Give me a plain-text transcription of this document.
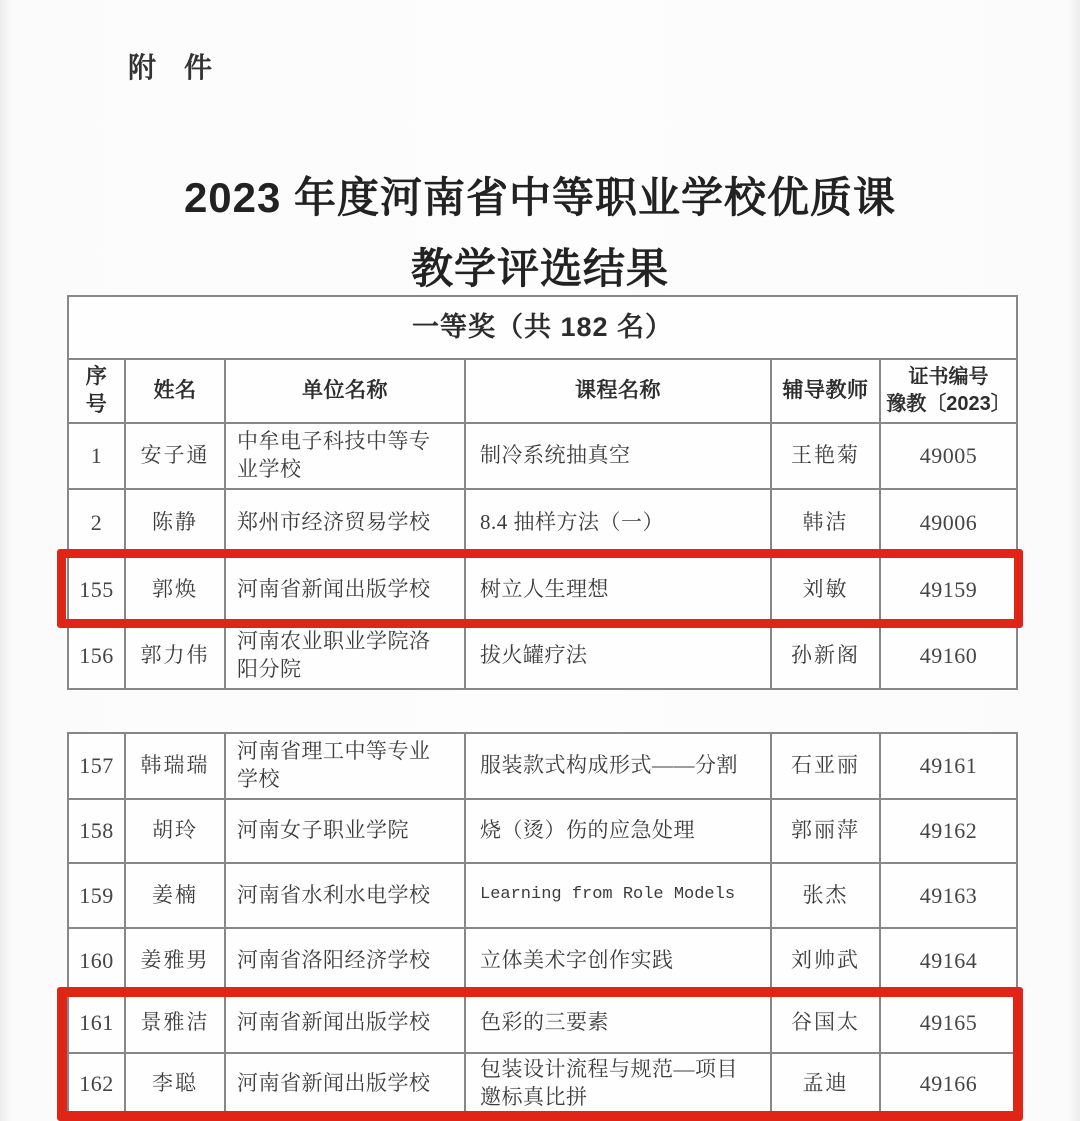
附　件
2023 年度河南省中等职业学校优质课
教学评选结果
一等奖（共 182 名）					
序号	姓名	单位名称	课程名称	辅导教师	证书编号
豫教〔2023〕

1	安子通	中牟电子科技中等专业学校	制冷系统抽真空	王艳菊	49005
2	陈静	郑州市经济贸易学校	8.4 抽样方法（一）	韩洁	49006
155	郭焕	河南省新闻出版学校	树立人生理想	刘敏	49159
156	郭力伟	河南农业职业学院洛阳分院	拔火罐疗法	孙新阁	49160
157	韩瑞瑞	河南省理工中等专业学校	服装款式构成形式——分割	石亚丽	49161
158	胡玲	河南女子职业学院	烧（烫）伤的应急处理	郭丽萍	49162
159	姜楠	河南省水利水电学校	Learning from Role Models	张杰	49163
160	姜雅男	河南省洛阳经济学校	立体美术字创作实践	刘帅武	49164
161	景雅洁	河南省新闻出版学校	色彩的三要素	谷国太	49165
162	李聪	河南省新闻出版学校	包装设计流程与规范—项目邀标真比拼	孟迪	49166
